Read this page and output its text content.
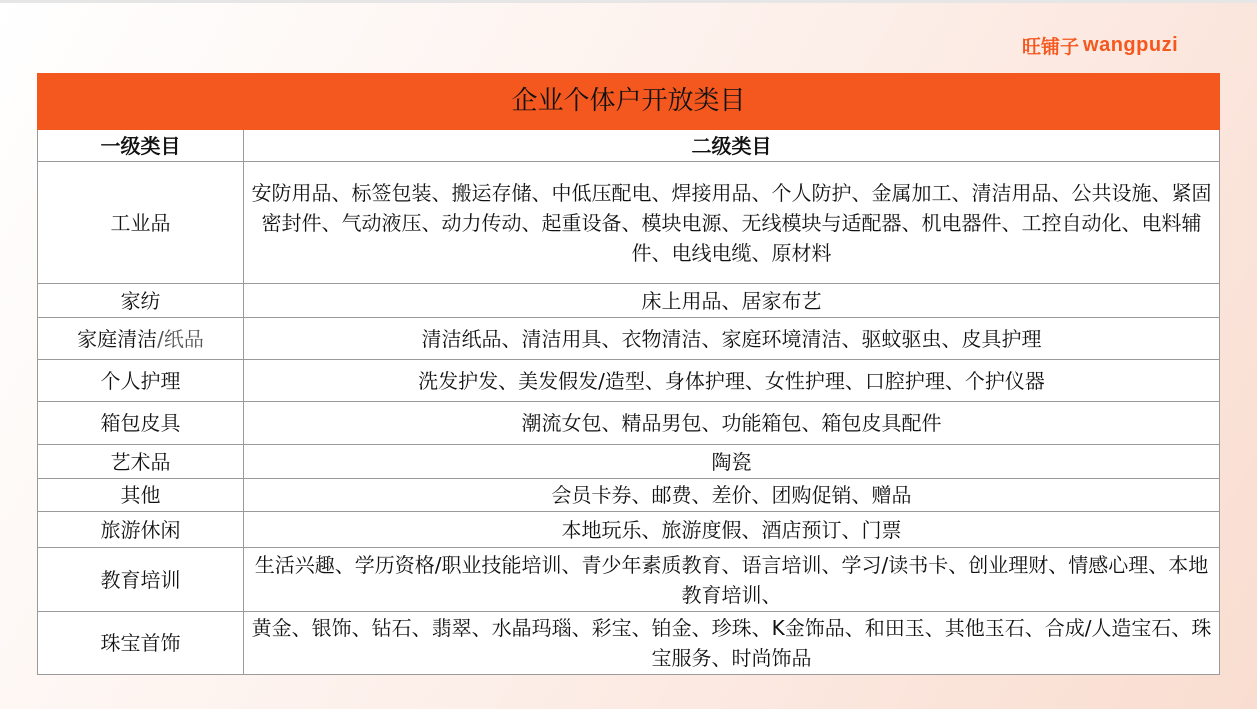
旺铺子 wangpuzi
企业个体户开放类目	
一级类目	二级类目
工业品	安防用品、标签包装、搬运存储、中低压配电、焊接用品、个人防护、金属加工、清洁用品、公共设施、紧固密封件、气动液压、动力传动、起重设备、模块电源、无线模块与适配器、机电器件、工控自动化、电料辅件、电线电缆、原材料
家纺	床上用品、居家布艺
家庭清洁/纸品	清洁纸品、清洁用具、衣物清洁、家庭环境清洁、驱蚊驱虫、皮具护理
个人护理	洗发护发、美发假发/造型、身体护理、女性护理、口腔护理、个护仪器
箱包皮具	潮流女包、精品男包、功能箱包、箱包皮具配件
艺术品	陶瓷
其他	会员卡券、邮费、差价、团购促销、赠品
旅游休闲	本地玩乐、旅游度假、酒店预订、门票
教育培训	生活兴趣、学历资格/职业技能培训、青少年素质教育、语言培训、学习/读书卡、创业理财、情感心理、本地教育培训、
珠宝首饰	黄金、银饰、钻石、翡翠、水晶玛瑙、彩宝、铂金、珍珠、K金饰品、和田玉、其他玉石、合成/人造宝石、珠宝服务、时尚饰品
